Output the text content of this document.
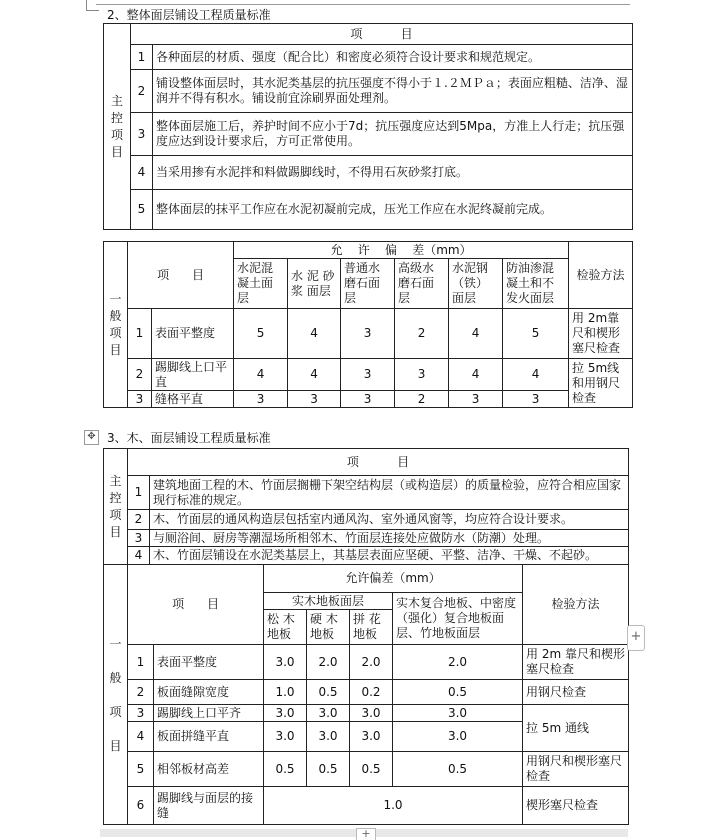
2、整体面层铺设工程质量标准
主
控
项
目	项          目	
	1	各种面层的材质、强度（配合比）和密度必须符合设计要求和规范规定。
	2	铺设整体面层时，其水泥类基层的抗压强度不得小于１.２ＭＰａ；表面应粗糙、洁净、湿润并不得有积水。铺设前宜涂刷界面处理剂。
	3	整体面层施工后，养护时间不应小于7d；抗压强度应达到5Mpa，方准上人行走；抗压强度应达到设计要求后，方可正常使用。
	4	当采用掺有水泥拌和料做踢脚线时，不得用石灰砂浆打底。
	5	整体面层的抹平工作应在水泥初凝前完成，压光工作应在水泥终凝前完成。
一
般
项
目	项      目		允    许    偏    差（mm）						检验方法
			水泥混凝土面层	水 泥 砂 浆 面层	普通水磨石面层	高级水磨石面层	水泥钢（铁）面层	防油渗混凝土和不发火面层	
	1	表面平整度	5	4	3	2	4	5	用 2m靠尺和楔形塞尺检查
	2	踢脚线上口平直	4	4	3	3	4	4	拉 5m线和用钢尺检查
	3	缝格平直	3	3	3	2	3	3	
✥ 3、木、面层铺设工程质量标准
主
控
项
目	项          目	
	1	建筑地面工程的木、竹面层搁栅下架空结构层（或构造层）的质量检验，应符合相应国家现行标准的规定。
	2	木、竹面层的通风构造层包括室内通风沟、室外通风窗等，均应符合设计要求。
	3	与厕浴间、厨房等潮湿场所相邻木、竹面层连接处应做防水（防潮）处理。
	4	木、竹面层铺设在水泥类基层上，其基层表面应坚硬、平整、洁净、干燥、不起砂。
一
般
项
目	项      目		允许偏差（mm）				检验方法
			实木地板面层			实木复合地板、中密度（强化）复合地板面层、竹地板面层	
			松 木 地板	硬 木 地板	拼 花 地板		
	1	表面平整度	3.0	2.0	2.0	2.0	用 2m 靠尺和楔形塞尺检查
	2	板面缝隙宽度	1.0	0.5	0.2	0.5	用钢尺检查
	3	踢脚线上口平齐	3.0	3.0	3.0	3.0	拉 5m 通线
	4	板面拼缝平直	3.0	3.0	3.0	3.0	
	5	相邻板材高差	0.5	0.5	0.5	0.5	用钢尺和楔形塞尺检查
	6	踢脚线与面层的接缝	1.0				楔形塞尺检查
+
+
